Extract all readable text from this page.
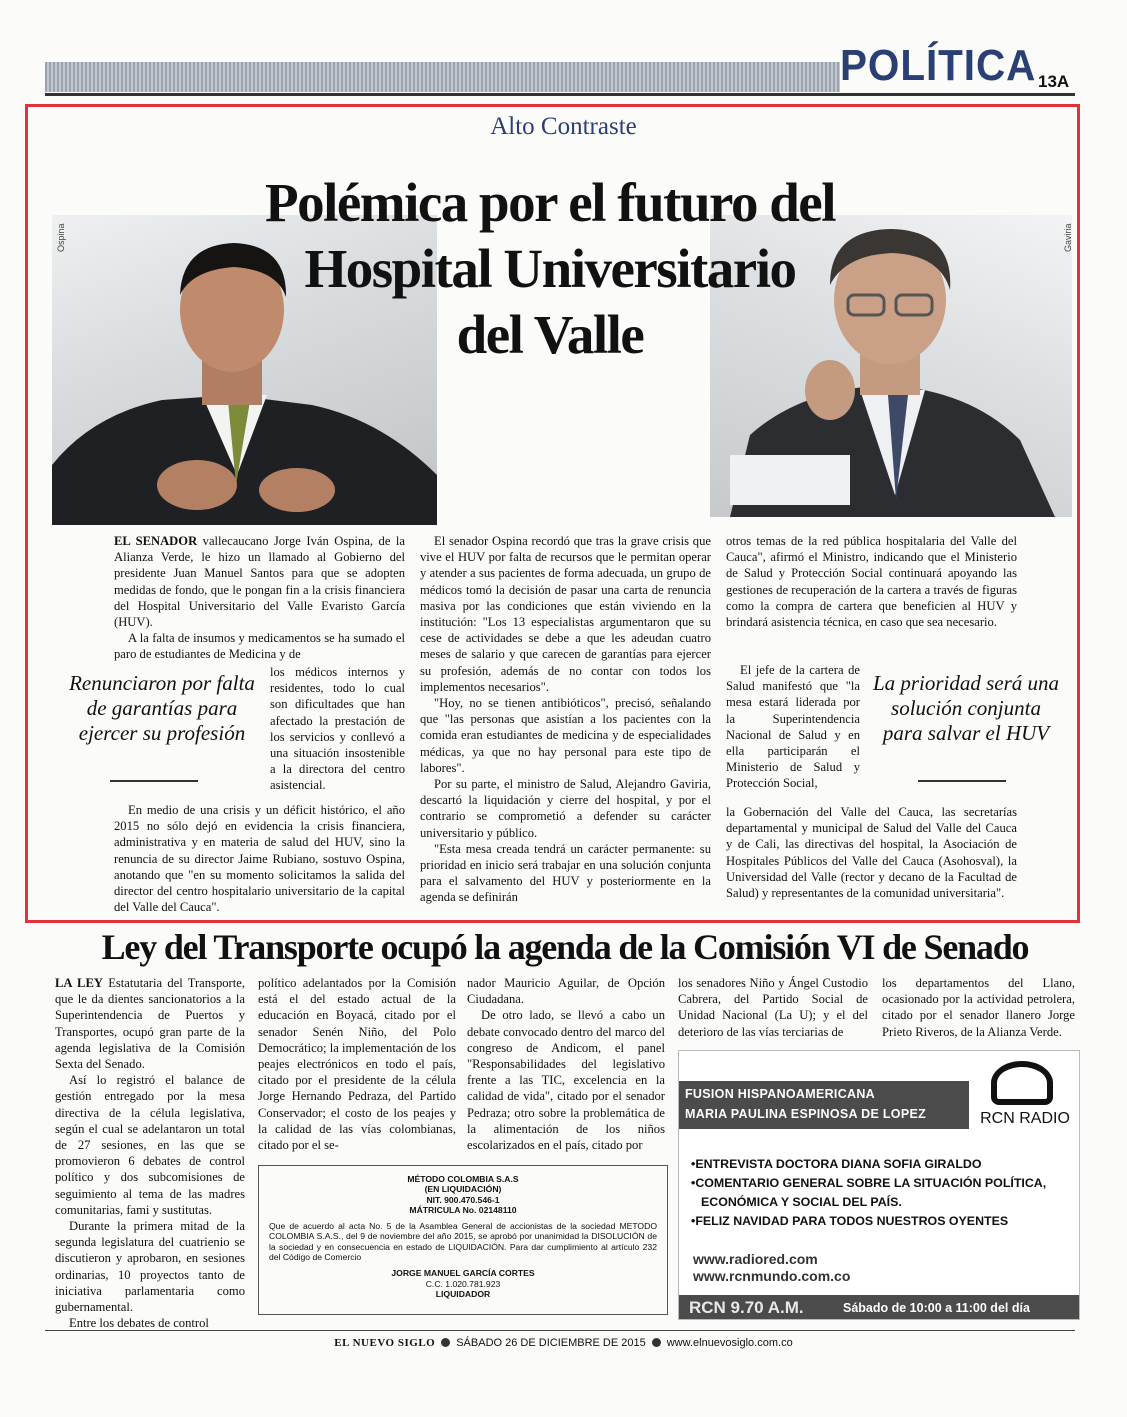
POLÍTICA 13A
Alto Contraste
Ospina	Gaviria
Polémica por el futuro del
Hospital Universitario
del Valle

EL SENADOR vallecaucano Jorge Iván Ospina, de la Alianza Verde, le hizo un llamado al Gobierno del presidente Juan Manuel Santos para que se adopten medidas de fondo, que le pongan fin a la crisis financiera del Hospital Universitario del Valle Evaristo García (HUV).

A la falta de insumos y medicamentos se ha sumado el paro de estudiantes de Medicina y de

los médicos internos y residentes, todo lo cual son dificultades que han afectado la prestación de los servicios y conllevó a una situación insostenible a la directora del centro asistencial.

En medio de una crisis y un déficit histórico, el año 2015 no sólo dejó en evidencia la crisis financiera, administrativa y en materia de salud del HUV, sino la renuncia de su director Jaime Rubiano, sostuvo Ospina, anotando que "en su momento solicitamos la salida del director del centro hospitalario universitario de la capital del Valle del Cauca".

Renunciaron por falta de garantías para ejercer su profesión

El senador Ospina recordó que tras la grave crisis que vive el HUV por falta de recursos que le permitan operar y atender a sus pacientes de forma adecuada, un grupo de médicos tomó la decisión de pasar una carta de renuncia masiva por las condiciones que están viviendo en la institución: "Los 13 especialistas argumentaron que su cese de actividades se debe a que les adeudan cuatro meses de salario y que carecen de garantías para ejercer su profesión, además de no contar con todos los implementos necesarios".

"Hoy, no se tienen antibióticos", precisó, señalando que "las personas que asistían a los pacientes con la comida eran estudiantes de medicina y de especialidades médicas, ya que no hay personal para este tipo de labores".

Por su parte, el ministro de Salud, Alejandro Gaviria, descartó la liquidación y cierre del hospital, y por el contrario se comprometió a defender su carácter universitario y público.

"Esta mesa creada tendrá un carácter permanente: su prioridad en inicio será trabajar en una solución conjunta para el salvamento del HUV y posteriormente en la agenda se definirán

otros temas de la red pública hospitalaria del Valle del Cauca", afirmó el Ministro, indicando que el Ministerio de Salud y Protección Social continuará apoyando las gestiones de recuperación de la cartera a través de figuras como la compra de cartera que beneficien al HUV y brindará asistencia técnica, en caso que sea necesario.

El jefe de la cartera de Salud manifestó que "la mesa estará liderada por la Superintendencia Nacional de Salud y en ella participarán el Ministerio de Salud y Protección Social,

la Gobernación del Valle del Cauca, las secretarías departamental y municipal de Salud del Valle del Cauca y de Cali, las directivas del hospital, la Asociación de Hospitales Públicos del Valle del Cauca (Asohosval), la Universidad del Valle (rector y decano de la Facultad de Salud) y representantes de la comunidad universitaria".

La prioridad será una solución conjunta para salvar el HUV
Ley del Transporte ocupó la agenda de la Comisión VI de Senado

LA LEY Estatutaria del Transporte, que le da dientes sancionatorios a la Superintendencia de Puertos y Transportes, ocupó gran parte de la agenda legislativa de la Comisión Sexta del Senado.

Así lo registró el balance de gestión entregado por la mesa directiva de la célula legislativa, según el cual se adelantaron un total de 27 sesiones, en las que se promovieron 6 debates de control político y dos subcomisiones de seguimiento al tema de las madres comunitarias, fami y sustitutas.

Durante la primera mitad de la segunda legislatura del cuatrienio se discutieron y aprobaron, en sesiones ordinarias, 10 proyectos tanto de iniciativa parlamentaria como gubernamental.

Entre los debates de control

político adelantados por la Comisión está el del estado actual de la educación en Boyacá, citado por el senador Senén Niño, del Polo Democrático; la implementación de los peajes electrónicos en todo el país, citado por el presidente de la célula Jorge Hernando Pedraza, del Partido Conservador; el costo de los peajes y la calidad de las vías colombianas, citado por el se-

nador Mauricio Aguilar, de Opción Ciudadana.

De otro lado, se llevó a cabo un debate convocado dentro del marco del congreso de Andicom, el panel "Responsabilidades del legislativo frente a las TIC, excelencia en la calidad de vida", citado por el senador Pedraza; otro sobre la problemática de la alimentación de los niños escolarizados en el país, citado por

los senadores Niño y Ángel Custodio Cabrera, del Partido Social de Unidad Nacional (La U); y el del deterioro de las vías terciarias de

los departamentos del Llano, ocasionado por la actividad petrolera, citado por el senador llanero Jorge Prieto Riveros, de la Alianza Verde.

MÉTODO COLOMBIA S.A.S
(EN LIQUIDACIÓN)
NIT. 900.470.546-1
MÁTRICULA No. 02148110
Que de acuerdo al acta No. 5 de la Asamblea General de accionistas de la sociedad METODO COLOMBIA S.A.S., del 9 de noviembre del año 2015, se aprobó por unanimidad la DISOLUCIÓN de la sociedad y en consecuencia en estado de LIQUIDACIÓN. Para dar cumplimiento al artículo 232 del Código de Comercio
JORGE MANUEL GARCÍA CORTES
C.C. 1.020.781.923
LIQUIDADOR
FUSION HISPANOAMERICANA
MARIA PAULINA ESPINOSA DE LOPEZ	RCN RADIO
•ENTREVISTA DOCTORA DIANA SOFIA GIRALDO
•COMENTARIO GENERAL SOBRE LA SITUACIÓN POLÍTICA,
ECONÓMICA Y SOCIAL DEL PAÍS.
•FELIZ NAVIDAD PARA TODOS NUESTROS OYENTES
www.radiored.com
www.rcnmundo.com.co
RCN 9.70 A.M.	Sábado de 10:00 a 11:00 del día
EL NUEVO SIGLO SÁBADO 26 DE DICIEMBRE DE 2015 www.elnuevosiglo.com.co
